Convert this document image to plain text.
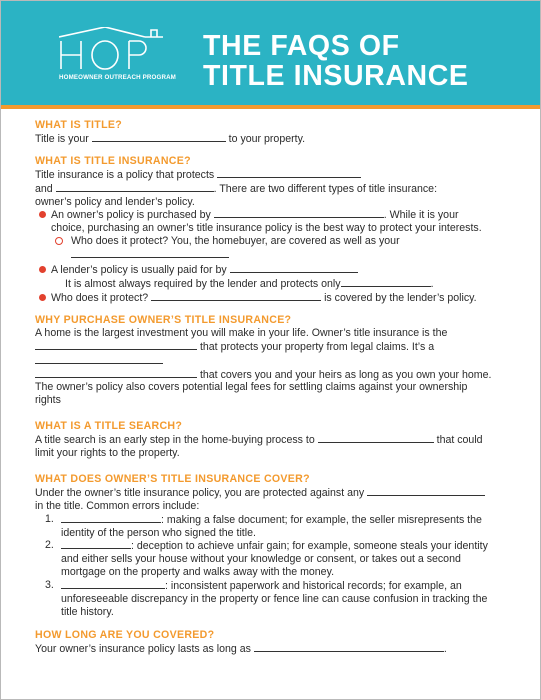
HOMEOWNER OUTREACH PROGRAM
THE FAQS OF
TITLE INSURANCE

WHAT IS TITLE?

Title is your	to your property.

WHAT IS TITLE INSURANCE?

Title insurance is a policy that protects

and	. There are two different types of title insurance:

owner’s policy and lender’s policy.

An owner’s policy is purchased by	. While it is your

choice, purchasing an owner’s title insurance policy is the best way to protect your interests.

Who does it protect? You, the homebuyer, are covered as well as your

A lender’s policy is usually paid for by

It is almost always required by the lender and protects only	.

Who does it protect?	is covered by the lender’s policy.

WHY PURCHASE OWNER’S TITLE INSURANCE?

A home is the largest investment you will make in your life. Owner’s title insurance is the

that protects your property from legal claims. It’s a

that covers you and your heirs as long as you own your home.

The owner’s policy also covers potential legal fees for settling claims against your ownership

rights

WHAT IS A TITLE SEARCH?

A title search is an early step in the home-buying process to	that could

limit your rights to the property.

WHAT DOES OWNER’S TITLE INSURANCE COVER?

Under the owner’s title insurance policy, you are protected against any

in the title. Common errors include:

1.	: making a false document; for example, the seller misrepresents the

identity of the person who signed the title.

2.	: deception to achieve unfair gain; for example, someone steals your identity

and either sells your house without your knowledge or consent, or takes out a second

mortgage on the property and walks away with the money.

3.	: inconsistent paperwork and historical records; for example, an

unforeseeable discrepancy in the property or fence line can cause confusion in tracking the

title history.

HOW LONG ARE YOU COVERED?

Your owner’s insurance policy lasts as long as	.
